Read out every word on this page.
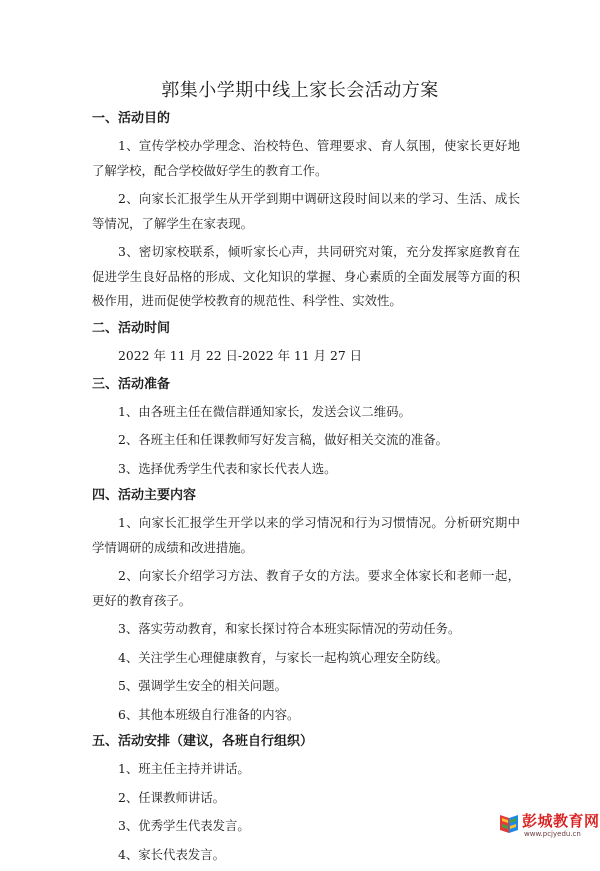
郭集小学期中线上家长会活动方案
一、活动目的

1、宣传学校办学理念、治校特色、管理要求、育人氛围，使家长更好地了解学校，配合学校做好学生的教育工作。

2、向家长汇报学生从开学到期中调研这段时间以来的学习、生活、成长等情况，了解学生在家表现。

3、密切家校联系，倾听家长心声，共同研究对策，充分发挥家庭教育在促进学生良好品格的形成、文化知识的掌握、身心素质的全面发展等方面的积极作用，进而促使学校教育的规范性、科学性、实效性。

二、活动时间

2022 年 11 月 22 日-2022 年 11 月 27 日

三、活动准备

1、由各班主任在微信群通知家长，发送会议二维码。

2、各班主任和任课教师写好发言稿，做好相关交流的准备。

3、选择优秀学生代表和家长代表人选。

四、活动主要内容

1、向家长汇报学生开学以来的学习情况和行为习惯情况。分析研究期中学情调研的成绩和改进措施。

2、向家长介绍学习方法、教育子女的方法。要求全体家长和老师一起，更好的教育孩子。

3、落实劳动教育，和家长探讨符合本班实际情况的劳动任务。

4、关注学生心理健康教育，与家长一起构筑心理安全防线。

5、强调学生安全的相关问题。

6、其他本班级自行准备的内容。

五、活动安排（建议，各班自行组织）

1、班主任主持并讲话。

2、任课教师讲话。

3、优秀学生代表发言。

4、家长代表发言。

彭城教育网
www.pcjyedu.cn
